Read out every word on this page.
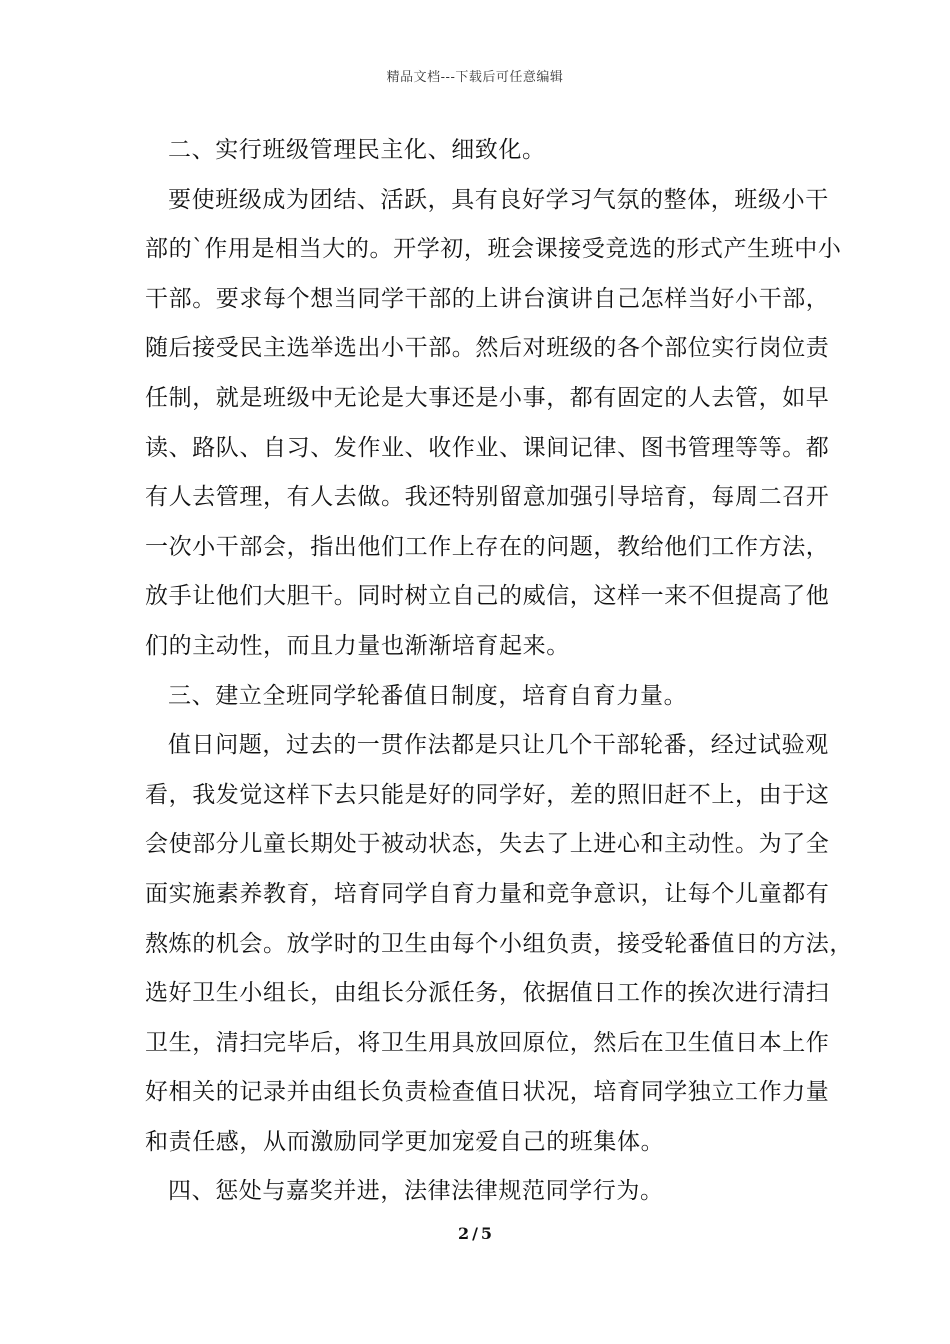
精品文档---下载后可任意编辑
二、实行班级管理民主化、细致化。
要使班级成为团结、活跃，具有良好学习气氛的整体，班级小干
部的`作用是相当大的。开学初，班会课接受竞选的形式产生班中小
干部。要求每个想当同学干部的上讲台演讲自己怎样当好小干部，
随后接受民主选举选出小干部。然后对班级的各个部位实行岗位责
任制，就是班级中无论是大事还是小事，都有固定的人去管，如早
读、路队、自习、发作业、收作业、课间记律、图书管理等等。都
有人去管理，有人去做。我还特别留意加强引导培育，每周二召开
一次小干部会，指出他们工作上存在的问题，教给他们工作方法，
放手让他们大胆干。同时树立自己的威信，这样一来不但提高了他
们的主动性，而且力量也渐渐培育起来。
三、建立全班同学轮番值日制度，培育自育力量。
值日问题，过去的一贯作法都是只让几个干部轮番，经过试验观
看，我发觉这样下去只能是好的同学好，差的照旧赶不上，由于这
会使部分儿童长期处于被动状态，失去了上进心和主动性。为了全
面实施素养教育，培育同学自育力量和竞争意识，让每个儿童都有
熬炼的机会。放学时的卫生由每个小组负责，接受轮番值日的方法，
选好卫生小组长，由组长分派任务，依据值日工作的挨次进行清扫
卫生，清扫完毕后，将卫生用具放回原位，然后在卫生值日本上作
好相关的记录并由组长负责检查值日状况，培育同学独立工作力量
和责任感，从而激励同学更加宠爱自己的班集体。
四、惩处与嘉奖并进，法律法律规范同学行为。
2 / 5
